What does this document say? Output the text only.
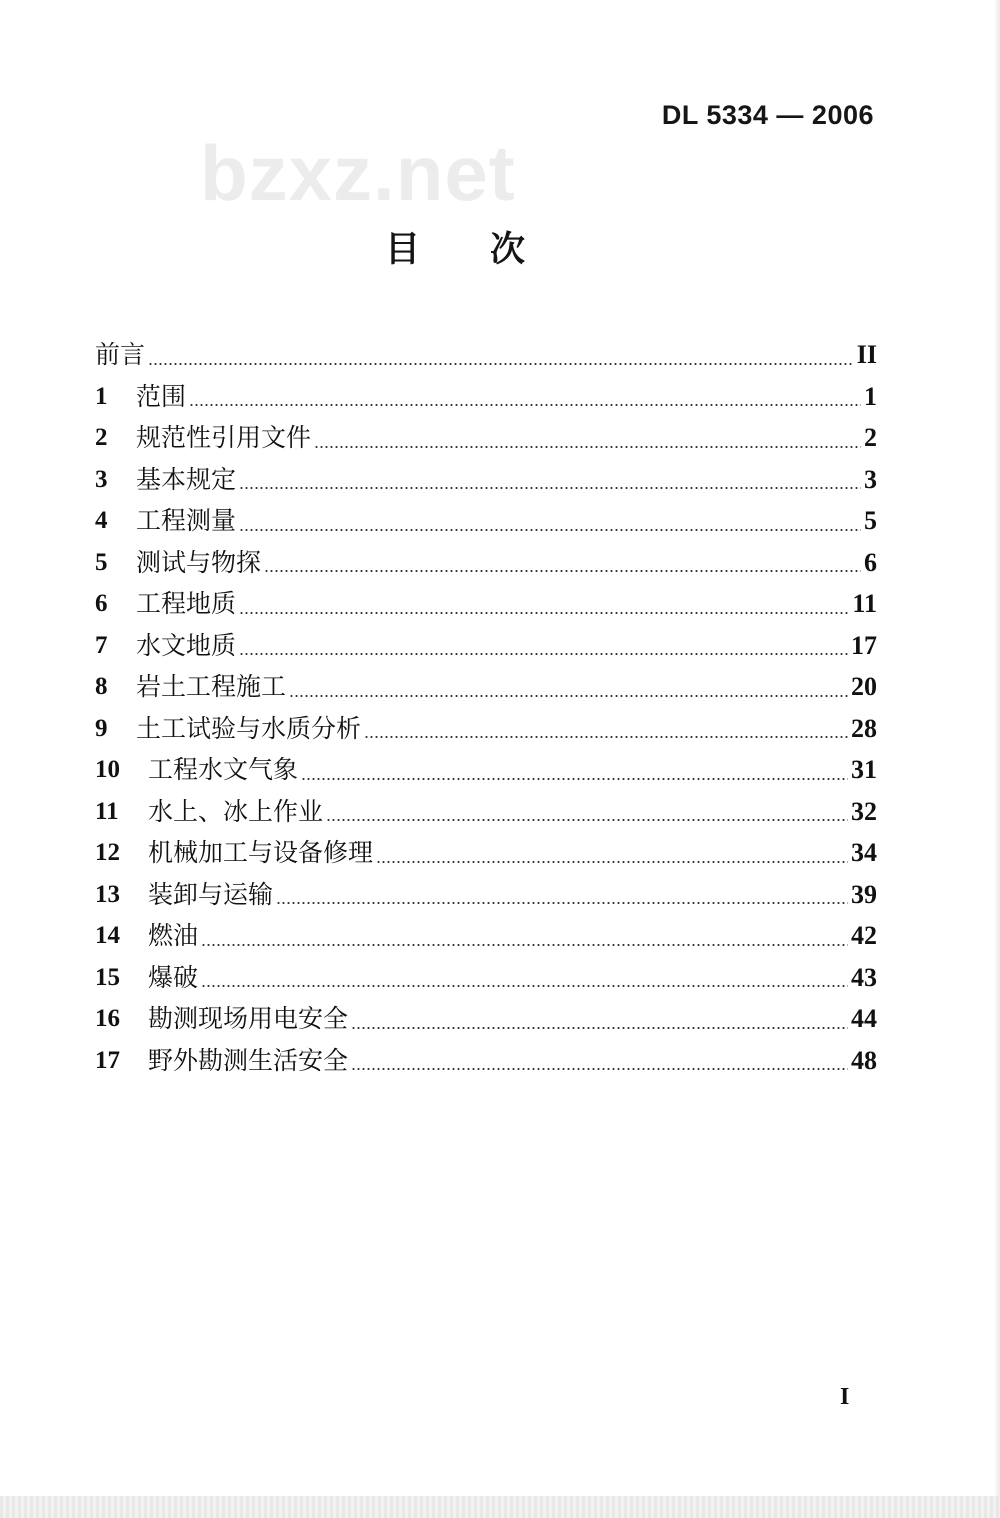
DL 5334 — 2006
bzxz.net
目次
前言	II
1	范围	1
2	规范性引用文件	2
3	基本规定	3
4	工程测量	5
5	测试与物探	6
6	工程地质	11
7	水文地质	17
8	岩土工程施工	20
9	土工试验与水质分析	28
10	工程水文气象	31
11	水上、冰上作业	32
12	机械加工与设备修理	34
13	装卸与运输	39
14	燃油	42
15	爆破	43
16	勘测现场用电安全	44
17	野外勘测生活安全	48
I
